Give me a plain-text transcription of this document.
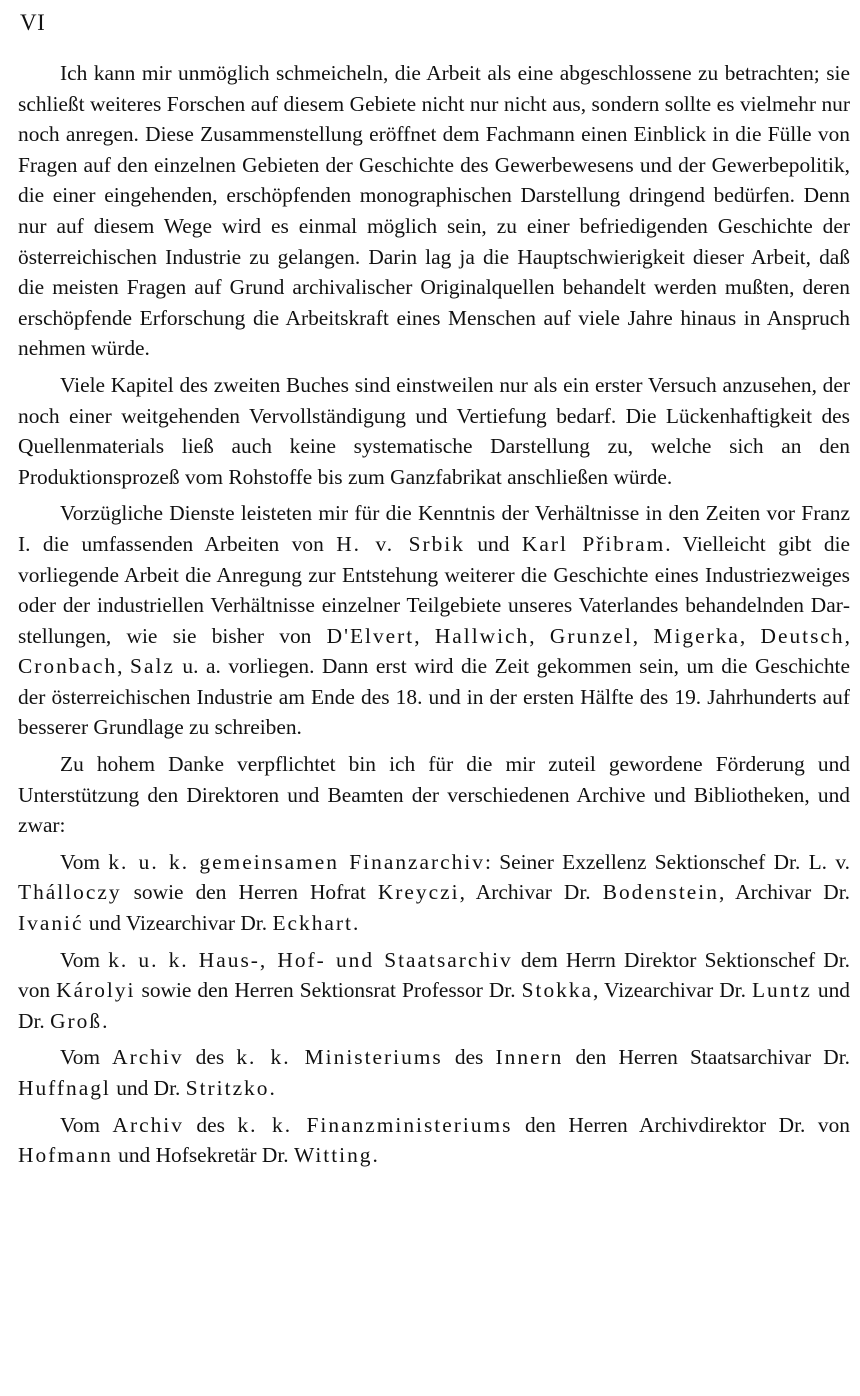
VI

Ich kann mir unmöglich schmeicheln, die Arbeit als eine abgeschlossene zu betrachten; sie schließt weiteres Forschen auf diesem Gebiete nicht nur nicht aus, sondern sollte es vielmehr nur noch anregen. Diese Zusammenstellung eröffnet dem Fachmann einen Einblick in die Fülle von Fragen auf den einzelnen Gebieten der Geschichte des Gewerbewesens und der Gewerbepolitik, die einer eingehenden, erschöpfenden monographischen Darstellung dringend bedürfen. Denn nur auf diesem Wege wird es einmal möglich sein, zu einer befriedigenden Geschichte der österreichischen Industrie zu gelangen. Darin lag ja die Hauptschwierigkeit dieser Arbeit, daß die meisten Fragen auf Grund archivalischer Originalquellen behandelt werden mußten, deren erschöpfende Erforschung die Arbeitskraft eines Menschen auf viele Jahre hinaus in Anspruch nehmen würde.

Viele Kapitel des zweiten Buches sind einstweilen nur als ein erster Versuch anzusehen, der noch einer weitgehenden Vervollständigung und Vertiefung bedarf. Die Lückenhaftigkeit des Quellenmaterials ließ auch keine systematische Darstellung zu, welche sich an den Produktionsprozeß vom Rohstoffe bis zum Ganzfabrikat anschließen würde.

Vorzügliche Dienste leisteten mir für die Kenntnis der Verhältnisse in den Zeiten vor Franz I. die umfassenden Arbeiten von H. v. Srbik und Karl Přibram. Vielleicht gibt die vorliegende Arbeit die Anregung zur Entstehung weiterer die Geschichte eines Industriezweiges oder der industriellen Verhältnisse einzelner Teilgebiete unseres Vaterlandes behandelnden Darstellungen, wie sie bisher von D'Elvert, Hallwich, Grunzel, Migerka, Deutsch, Cronbach, Salz u. a. vorliegen. Dann erst wird die Zeit gekommen sein, um die Geschichte der österreichischen Industrie am Ende des 18. und in der ersten Hälfte des 19. Jahrhunderts auf besserer Grundlage zu schreiben.

Zu hohem Danke verpflichtet bin ich für die mir zuteil gewordene Förderung und Unterstützung den Direktoren und Beamten der verschiedenen Archive und Bibliotheken, und zwar:

Vom k. u. k. gemeinsamen Finanzarchiv: Seiner Exzellenz Sektionschef Dr. L. v. Thálloczy sowie den Herren Hofrat Kreyczi, Archivar Dr. Bodenstein, Archivar Dr. Ivanić und Vizearchivar Dr. Eckhart.

Vom k. u. k. Haus-, Hof- und Staatsarchiv dem Herrn Direktor Sektionschef Dr. von Károlyi sowie den Herren Sektionsrat Professor Dr. Stokka, Vizearchivar Dr. Luntz und Dr. Groß.

Vom Archiv des k. k. Ministeriums des Innern den Herren Staatsarchivar Dr. Huffnagl und Dr. Stritzko.

Vom Archiv des k. k. Finanzministeriums den Herren Archivdirektor Dr. von Hofmann und Hofsekretär Dr. Witting.
